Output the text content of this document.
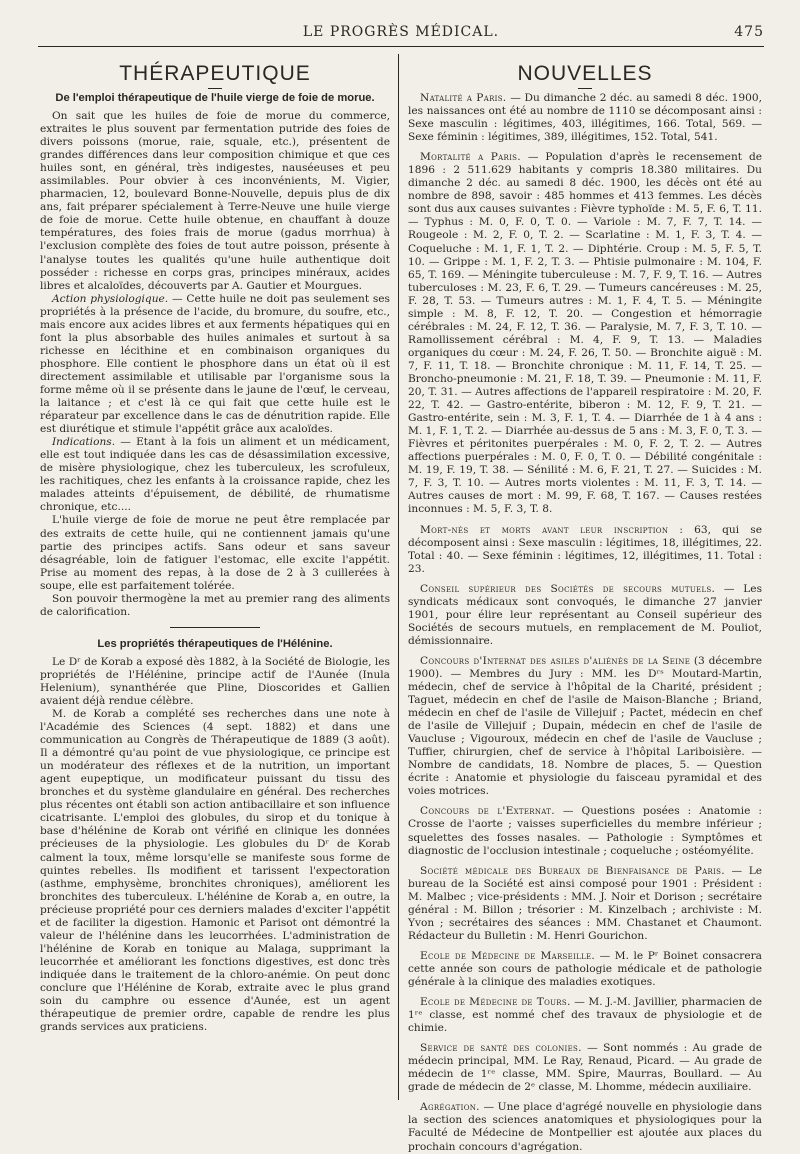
LE PROGRÈS MÉDICAL.	475
THÉRAPEUTIQUE
De l'emploi thérapeutique de l'huile vierge de foie de morue.

On sait que les huiles de foie de morue du commerce, extraites le plus souvent par fermentation putride des foies de divers poissons (morue, raie, squale, etc.), présentent de grandes différences dans leur composition chimique et que ces huiles sont, en général, très indigestes, nauséeuses et peu assimilables. Pour obvier à ces inconvénients, M. Vigier, pharmacien, 12, boulevard Bonne-Nouvelle, depuis plus de dix ans, fait préparer spécialement à Terre-Neuve une huile vierge de foie de morue. Cette huile obtenue, en chauffant à douze températures, des foies frais de morue (gadus morrhua) à l'exclusion complète des foies de tout autre poisson, présente à l'analyse toutes les qualités qu'une huile authentique doit posséder : richesse en corps gras, principes minéraux, acides libres et alcaloïdes, découverts par A. Gautier et Mourgues.

Action physiologique. — Cette huile ne doit pas seulement ses propriétés à la présence de l'acide, du bromure, du soufre, etc., mais encore aux acides libres et aux ferments hépatiques qui en font la plus absorbable des huiles animales et surtout à sa richesse en lécithine et en combinaison organiques du phosphore. Elle contient le phosphore dans un état où il est directement assimilable et utilisable par l'organisme sous la forme même où il se présente dans le jaune de l'œuf, le cerveau, la laitance ; et c'est là ce qui fait que cette huile est le réparateur par excellence dans le cas de dénutrition rapide. Elle est diurétique et stimule l'appétit grâce aux acaloïdes.

Indications. — Etant à la fois un aliment et un médicament, elle est tout indiquée dans les cas de désassimilation excessive, de misère physiologique, chez les tuberculeux, les scrofuleux, les rachitiques, chez les enfants à la croissance rapide, chez les malades atteints d'épuisement, de débilité, de rhumatisme chronique, etc....

L'huile vierge de foie de morue ne peut être remplacée par des extraits de cette huile, qui ne contiennent jamais qu'une partie des principes actifs. Sans odeur et sans saveur désagréable, loin de fatiguer l'estomac, elle excite l'appétit. Prise au moment des repas, à la dose de 2 à 3 cuillerées à soupe, elle est parfaitement tolérée.

Son pouvoir thermogène la met au premier rang des aliments de calorification.

Les propriétés thérapeutiques de l'Hélénine.

Le Dʳ de Korab a exposé dès 1882, à la Société de Biologie, les propriétés de l'Hélénine, principe actif de l'Aunée (Inula Helenium), synanthérée que Pline, Dioscorides et Gallien avaient déjà rendue célèbre.

M. de Korab a complété ses recherches dans une note à l'Académie des Sciences (4 sept. 1882) et dans une communication au Congrès de Thérapeutique de 1889 (3 août). Il a démontré qu'au point de vue physiologique, ce principe est un modérateur des réflexes et de la nutrition, un important agent eupeptique, un modificateur puissant du tissu des bronches et du système glandulaire en général. Des recherches plus récentes ont établi son action antibacillaire et son influence cicatrisante. L'emploi des globules, du sirop et du tonique à base d'hélénine de Korab ont vérifié en clinique les données précieuses de la physiologie. Les globules du Dʳ de Korab calment la toux, même lorsqu'elle se manifeste sous forme de quintes rebelles. Ils modifient et tarissent l'expectoration (asthme, emphysème, bronchites chroniques), améliorent les bronchites des tuberculeux. L'hélénine de Korab a, en outre, la précieuse propriété pour ces derniers malades d'exciter l'appétit et de faciliter la digestion. Hamonic et Parisot ont démontré la valeur de l'hélénine dans les leucorrhées. L'administration de l'hélénine de Korab en tonique au Malaga, supprimant la leucorrhée et améliorant les fonctions digestives, est donc très indiquée dans le traitement de la chloro-anémie. On peut donc conclure que l'Hélénine de Korab, extraite avec le plus grand soin du camphre ou essence d'Aunée, est un agent thérapeutique de premier ordre, capable de rendre les plus grands services aux praticiens.

NOUVELLES

Natalité a Paris. — Du dimanche 2 déc. au samedi 8 déc. 1900, les naissances ont été au nombre de 1110 se décomposant ainsi : Sexe masculin : légitimes, 403, illégitimes, 166. Total, 569. — Sexe féminin : légitimes, 389, illégitimes, 152. Total, 541.

Mortalité a Paris. — Population d'après le recensement de 1896 : 2 511.629 habitants y compris 18.380 militaires. Du dimanche 2 déc. au samedi 8 déc. 1900, les décès ont été au nombre de 898, savoir : 485 hommes et 413 femmes. Les décès sont dus aux causes suivantes : Fièvre typhoïde : M. 5, F. 6, T. 11. — Typhus : M. 0, F. 0, T. 0. — Variole : M. 7, F. 7, T. 14. — Rougeole : M. 2, F. 0, T. 2. — Scarlatine : M. 1, F. 3, T. 4. — Coqueluche : M. 1, F. 1, T. 2. — Diphtérie. Croup : M. 5, F. 5, T. 10. — Grippe : M. 1, F. 2, T. 3. — Phtisie pulmonaire : M. 104, F. 65, T. 169. — Méningite tuberculeuse : M. 7, F. 9, T. 16. — Autres tuberculoses : M. 23, F. 6, T. 29. — Tumeurs cancéreuses : M. 25, F. 28, T. 53. — Tumeurs autres : M. 1, F. 4, T. 5. — Méningite simple : M. 8, F. 12, T. 20. — Congestion et hémorragie cérébrales : M. 24, F. 12, T. 36. — Paralysie, M. 7, F. 3, T. 10. — Ramollissement cérébral : M. 4, F. 9, T. 13. — Maladies organiques du cœur : M. 24, F. 26, T. 50. — Bronchite aiguë : M. 7, F. 11, T. 18. — Bronchite chronique : M. 11, F. 14, T. 25. — Broncho-pneumonie : M. 21, F. 18, T. 39. — Pneumonie : M. 11, F. 20, T. 31. — Autres affections de l'appareil respiratoire : M. 20, F. 22, T. 42. — Gastro-entérite, biberon : M. 12, F. 9, T. 21. — Gastro-entérite, sein : M. 3, F. 1, T. 4. — Diarrhée de 1 à 4 ans : M. 1, F. 1, T. 2. — Diarrhée au-dessus de 5 ans : M. 3, F. 0, T. 3. — Fièvres et péritonites puerpérales : M. 0, F. 2, T. 2. — Autres affections puerpérales : M. 0, F. 0, T. 0. — Débilité congénitale : M. 19, F. 19, T. 38. — Sénilité : M. 6, F. 21, T. 27. — Suicides : M. 7, F. 3, T. 10. — Autres morts violentes : M. 11, F. 3, T. 14. — Autres causes de mort : M. 99, F. 68, T. 167. — Causes restées inconnues : M. 5, F. 3, T. 8.

Mort-nés et morts avant leur inscription : 63, qui se décomposent ainsi : Sexe masculin : légitimes, 18, illégitimes, 22. Total : 40. — Sexe féminin : légitimes, 12, illégitimes, 11. Total : 23.

Conseil supérieur des Sociétés de secours mutuels. — Les syndicats médicaux sont convoqués, le dimanche 27 janvier 1901, pour élire leur représentant au Conseil supérieur des Sociétés de secours mutuels, en remplacement de M. Pouliot, démissionnaire.

Concours d'Internat des asiles d'aliénés de la Seine (3 décembre 1900). — Membres du Jury : MM. les Dʳˢ Moutard-Martin, médecin, chef de service à l'hôpital de la Charité, président ; Taguet, médecin en chef de l'asile de Maison-Blanche ; Briand, médecin en chef de l'asile de Villejuif ; Pactet, médecin en chef de l'asile de Villejuif ; Dupain, médecin en chef de l'asile de Vaucluse ; Vigouroux, médecin en chef de l'asile de Vaucluse ; Tuffier, chirurgien, chef de service à l'hôpital Lariboisière. — Nombre de candidats, 18. Nombre de places, 5. — Question écrite : Anatomie et physiologie du faisceau pyramidal et des voies motrices.

Concours de l'Externat. — Questions posées : Anatomie : Crosse de l'aorte ; vaisses superficielles du membre inférieur ; squelettes des fosses nasales. — Pathologie : Symptômes et diagnostic de l'occlusion intestinale ; coqueluche ; ostéomyélite.

Société médicale des Bureaux de Bienfaisance de Paris. — Le bureau de la Société est ainsi composé pour 1901 : Président : M. Malbec ; vice-présidents : MM. J. Noir et Dorison ; secrétaire général : M. Billon ; trésorier : M. Kinzelbach ; archiviste : M. Yvon ; secrétaires des séances : MM. Chastanet et Chaumont. Rédacteur du Bulletin : M. Henri Gourichon.

Ecole de Médecine de Marseille. — M. le Pʳ Boinet consacrera cette année son cours de pathologie médicale et de pathologie générale à la clinique des maladies exotiques.

Ecole de Médecine de Tours. — M. J.-M. Javillier, pharmacien de 1ʳᵉ classe, est nommé chef des travaux de physiologie et de chimie.

Service de santé des colonies. — Sont nommés : Au grade de médecin principal, MM. Le Ray, Renaud, Picard. — Au grade de médecin de 1ʳᵉ classe, MM. Spire, Maurras, Boullard. — Au grade de médecin de 2ᵉ classe, M. Lhomme, médecin auxiliaire.

Agrégation. — Une place d'agrégé nouvelle en physiologie dans la section des sciences anatomiques et physiologiques pour la Faculté de Médecine de Montpellier est ajoutée aux places du prochain concours d'agrégation.
